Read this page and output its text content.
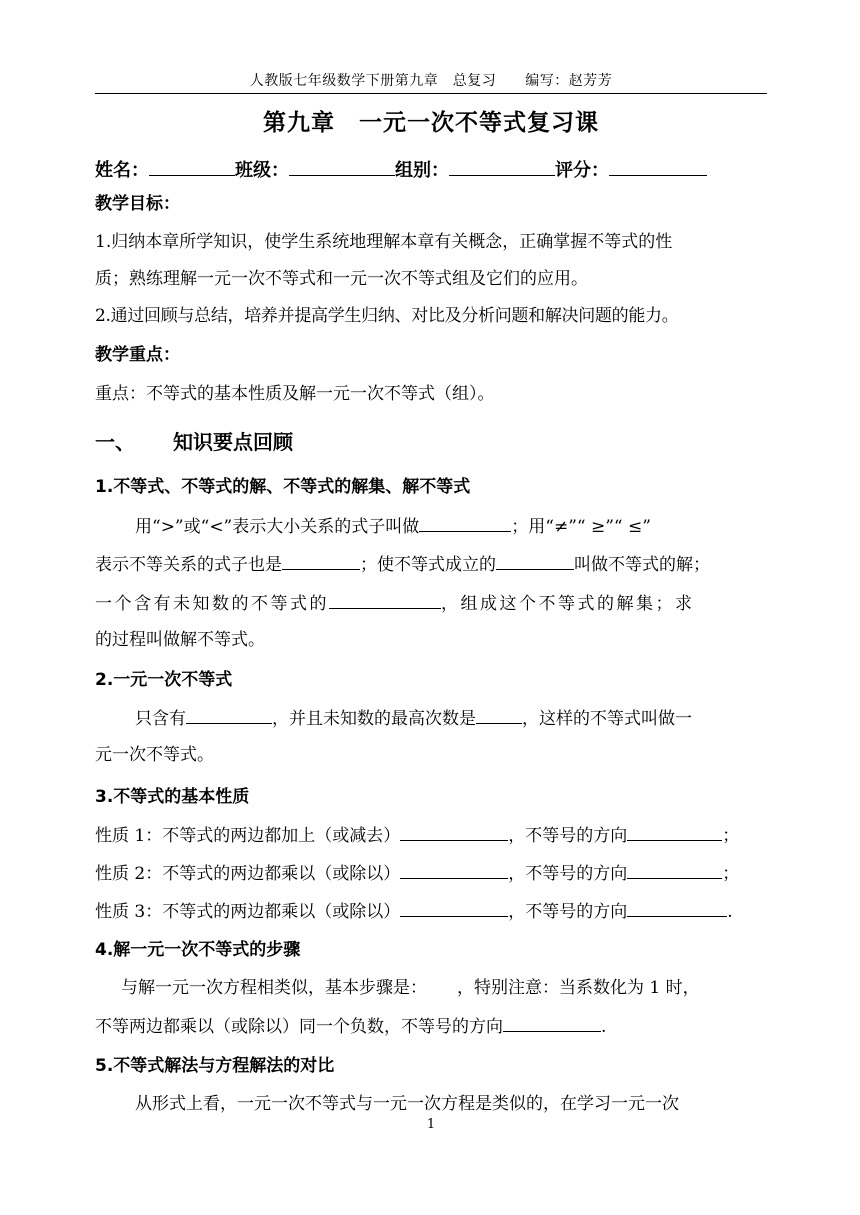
人教版七年级数学下册第九章　总复习　　编写：赵芳芳
第九章　一元一次不等式复习课
姓名：	班级：	组别：	评分：
教学目标：
1.归纳本章所学知识，使学生系统地理解本章有关概念，正确掌握不等式的性
质；熟练理解一元一次不等式和一元一次不等式组及它们的应用。
2.通过回顾与总结，培养并提高学生归纳、对比及分析问题和解决问题的能力。
教学重点：
重点：不等式的基本性质及解一元一次不等式（组）。
一、 知识要点回顾
1.不等式、不等式的解、不等式的解集、解不等式
用“>”或“<”表示大小关系的式子叫做	；用“≠”“ ≥”“ ≤”
表示不等关系的式子也是	；使不等式成立的	叫做不等式的解；
一个含有未知数的不等式的	，组成这个不等式的解集；求
的过程叫做解不等式。
2.一元一次不等式
只含有	，并且未知数的最高次数是	，这样的不等式叫做一
元一次不等式。
3.不等式的基本性质
性质 1：不等式的两边都加上（或减去）	，不等号的方向	；
性质 2：不等式的两边都乘以（或除以）	，不等号的方向	；
性质 3：不等式的两边都乘以（或除以）	，不等号的方向	.
4.解一元一次不等式的步骤
与解一元一次方程相类似，基本步骤是： ，特别注意：当系数化为 1 时，
不等两边都乘以（或除以）同一个负数，不等号的方向	.
5.不等式解法与方程解法的对比
从形式上看，一元一次不等式与一元一次方程是类似的，在学习一元一次
1
